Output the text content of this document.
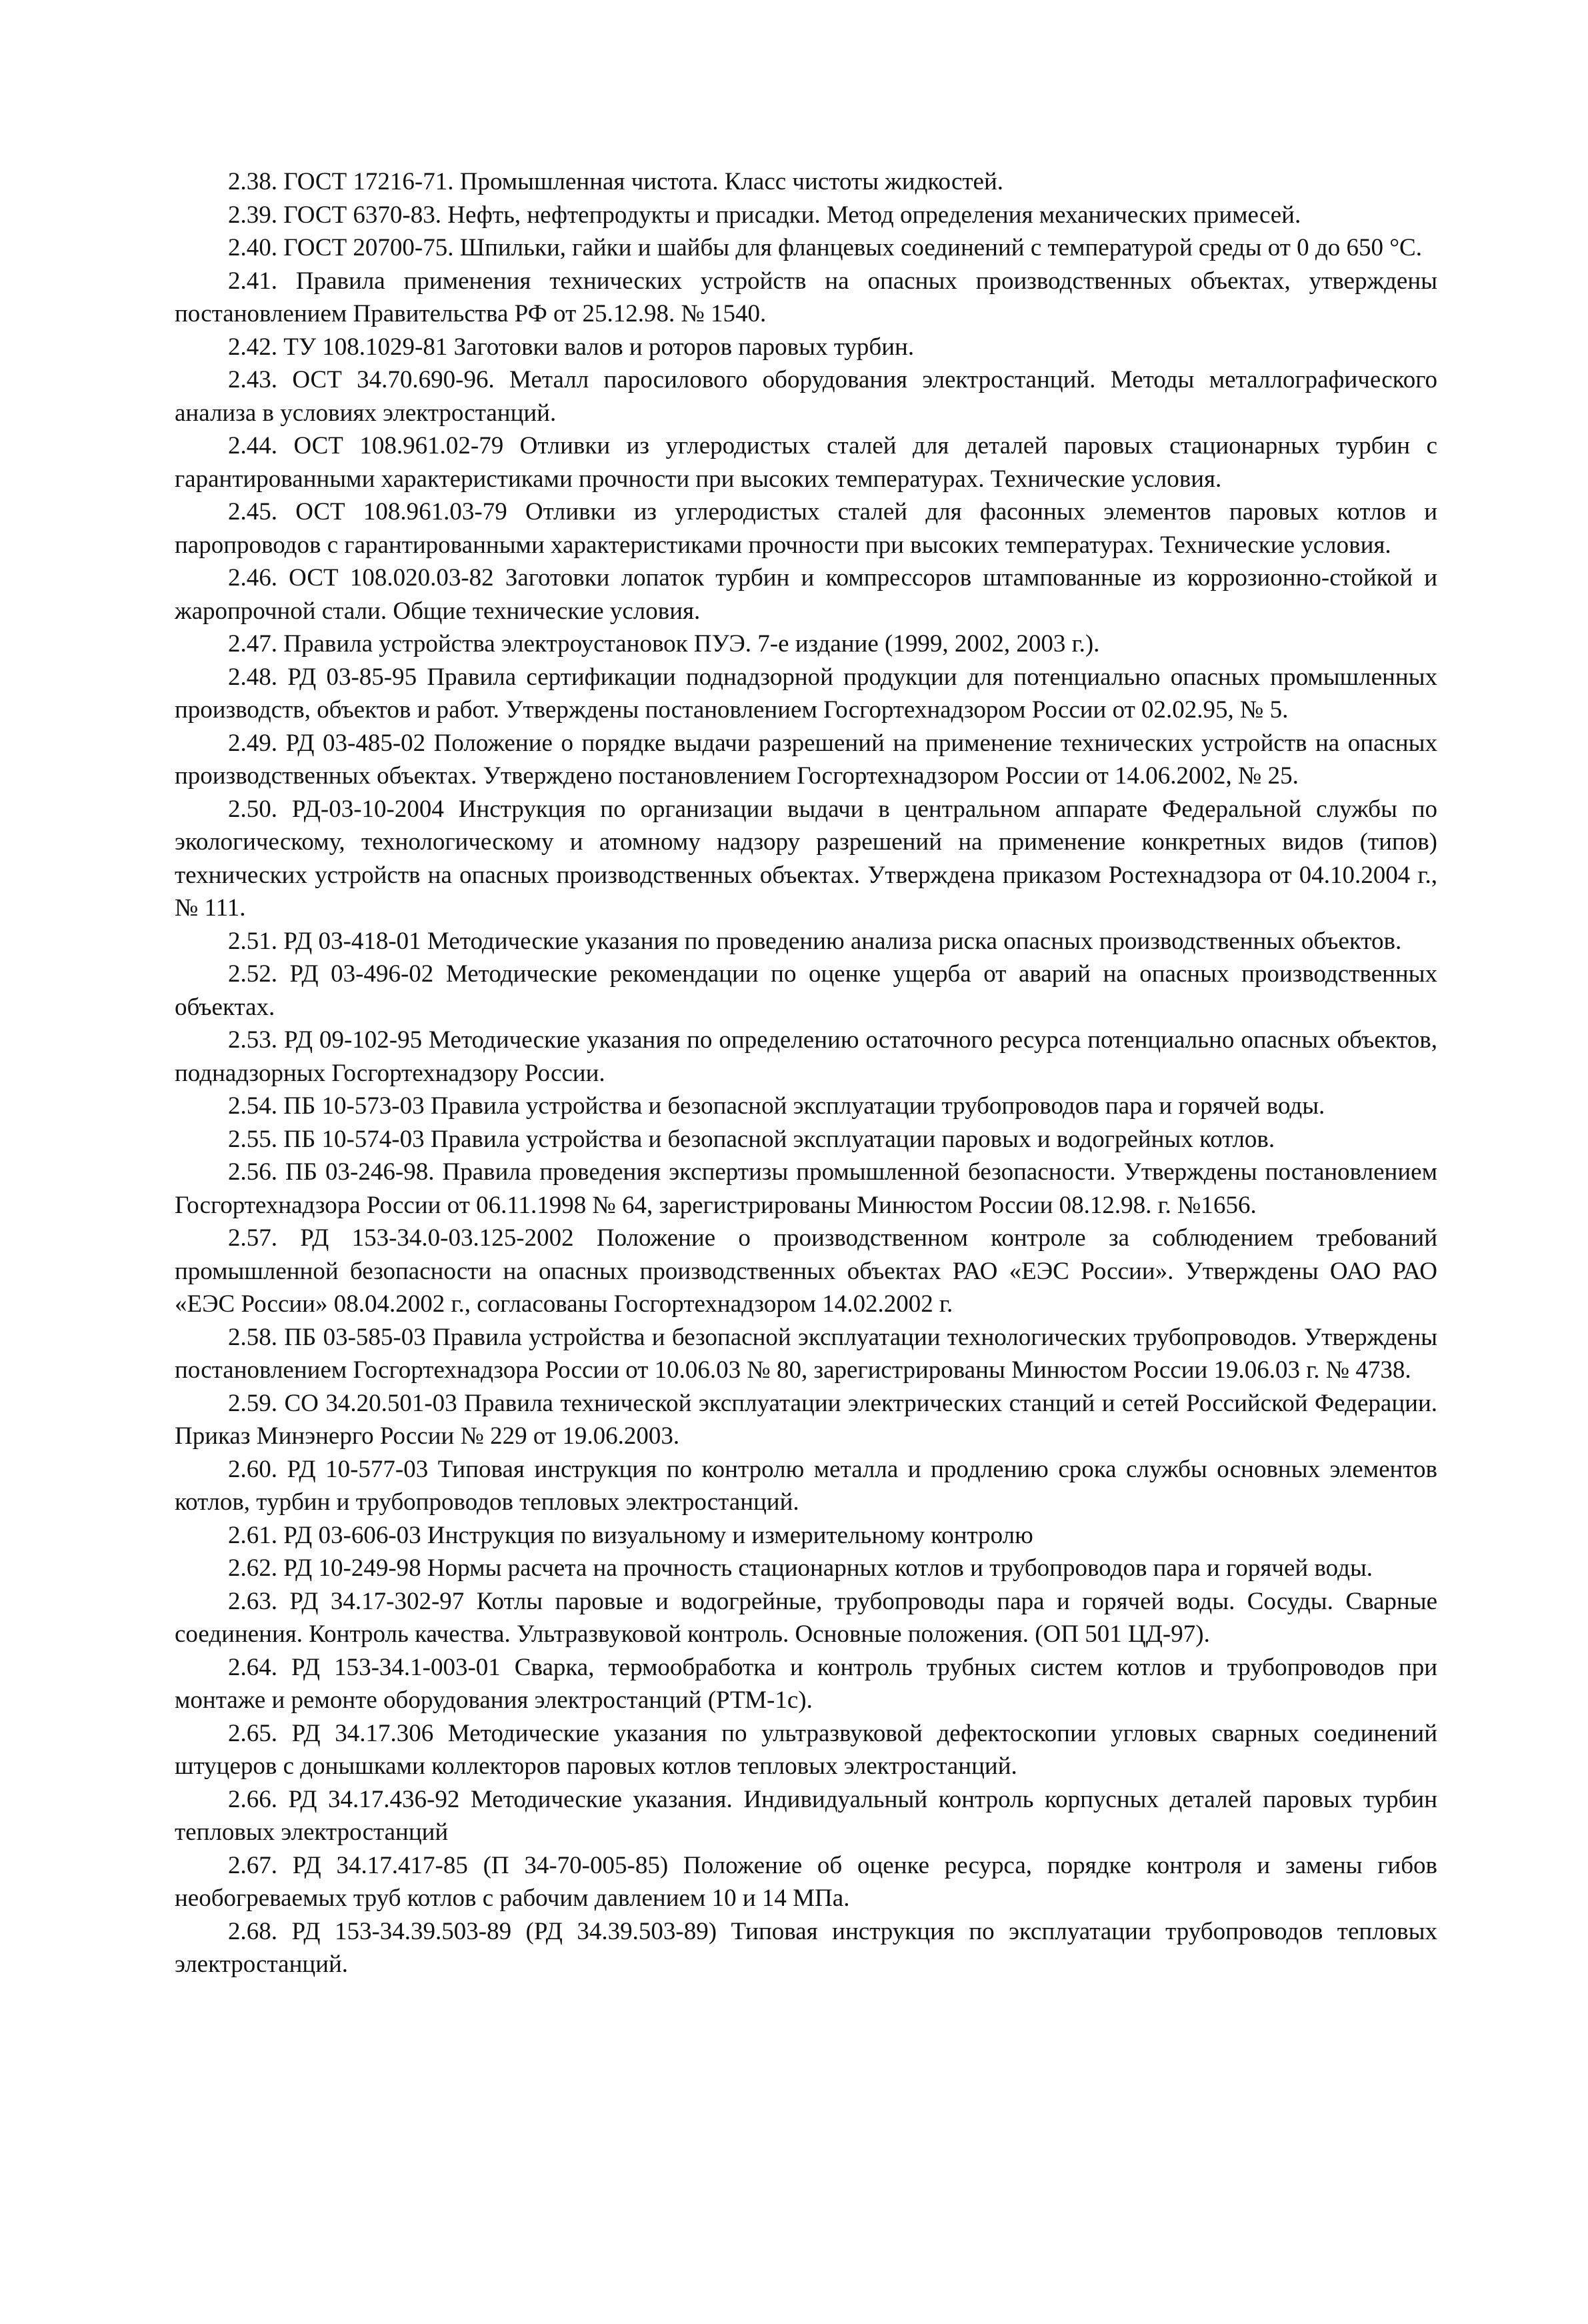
2.38. ГОСТ 17216-71. Промышленная чистота. Класс чистоты жидкостей.

2.39. ГОСТ 6370-83. Нефть, нефтепродукты и присадки. Метод определения механических примесей.

2.40. ГОСТ 20700-75. Шпильки, гайки и шайбы для фланцевых соединений с температурой среды от 0 до 650 °С.

2.41. Правила применения технических устройств на опасных производственных объектах, утверждены постановлением Правительства РФ от 25.12.98. № 1540.

2.42. ТУ 108.1029-81 Заготовки валов и роторов паровых турбин.

2.43. ОСТ 34.70.690-96. Металл паросилового оборудования электростанций. Методы металлографического анализа в условиях электростанций.

2.44. ОСТ 108.961.02-79 Отливки из углеродистых сталей для деталей паровых стационарных турбин с гарантированными характеристиками прочности при высоких температурах. Технические условия.

2.45. ОСТ 108.961.03-79 Отливки из углеродистых сталей для фасонных элементов паровых котлов и паропроводов с гарантированными характеристиками прочности при высоких температурах. Технические условия.

2.46. ОСТ 108.020.03-82 Заготовки лопаток турбин и компрессоров штампованные из коррозионно-стойкой и жаропрочной стали. Общие технические условия.

2.47. Правила устройства электроустановок ПУЭ. 7-е издание (1999, 2002, 2003 г.).

2.48. РД 03-85-95 Правила сертификации поднадзорной продукции для потенциально опасных промышленных производств, объектов и работ. Утверждены постановлением Госгортехнадзором России от 02.02.95, № 5.

2.49. РД 03-485-02 Положение о порядке выдачи разрешений на применение технических устройств на опасных производственных объектах. Утверждено постановлением Госгортехнадзором России от 14.06.2002, № 25.

2.50. РД-03-10-2004 Инструкция по организации выдачи в центральном аппарате Федеральной службы по экологическому, технологическому и атомному надзору разрешений на применение конкретных видов (типов) технических устройств на опасных производственных объектах. Утверждена приказом Ростехнадзора от 04.10.2004 г., № 111.

2.51. РД 03-418-01 Методические указания по проведению анализа риска опасных производственных объектов.

2.52. РД 03-496-02 Методические рекомендации по оценке ущерба от аварий на опасных производственных объектах.

2.53. РД 09-102-95 Методические указания по определению остаточного ресурса потенциально опасных объектов, поднадзорных Госгортехнадзору России.

2.54. ПБ 10-573-03 Правила устройства и безопасной эксплуатации трубопроводов пара и горячей воды.

2.55. ПБ 10-574-03 Правила устройства и безопасной эксплуатации паровых и водогрейных котлов.

2.56. ПБ 03-246-98. Правила проведения экспертизы промышленной безопасности. Утверждены постановлением Госгортехнадзора России от 06.11.1998 № 64, зарегистрированы Минюстом России 08.12.98. г. №1656.

2.57. РД 153-34.0-03.125-2002 Положение о производственном контроле за соблюдением требований промышленной безопасности на опасных производственных объектах РАО «ЕЭС России». Утверждены ОАО РАО «ЕЭС России» 08.04.2002 г., согласованы Госгортехнадзором 14.02.2002 г.

2.58. ПБ 03-585-03 Правила устройства и безопасной эксплуатации технологических трубопроводов. Утверждены постановлением Госгортехнадзора России от 10.06.03 № 80, зарегистрированы Минюстом России 19.06.03 г. № 4738.

2.59. СО 34.20.501-03 Правила технической эксплуатации электрических станций и сетей Российской Федерации. Приказ Минэнерго России № 229 от 19.06.2003.

2.60. РД 10-577-03 Типовая инструкция по контролю металла и продлению срока службы основных элементов котлов, турбин и трубопроводов тепловых электростанций.

2.61. РД 03-606-03 Инструкция по визуальному и измерительному контролю

2.62. РД 10-249-98 Нормы расчета на прочность стационарных котлов и трубопроводов пара и горячей воды.

2.63. РД 34.17-302-97 Котлы паровые и водогрейные, трубопроводы пара и горячей воды. Сосуды. Сварные соединения. Контроль качества. Ультразвуковой контроль. Основные положения. (ОП 501 ЦД-97).

2.64. РД 153-34.1-003-01 Сварка, термообработка и контроль трубных систем котлов и трубопроводов при монтаже и ремонте оборудования электростанций (РТМ-1с).

2.65. РД 34.17.306 Методические указания по ультразвуковой дефектоскопии угловых сварных соединений штуцеров с донышками коллекторов паровых котлов тепловых электростанций.

2.66. РД 34.17.436-92 Методические указания. Индивидуальный контроль корпусных деталей паровых турбин тепловых электростанций

2.67. РД 34.17.417-85 (П 34-70-005-85) Положение об оценке ресурса, порядке контроля и замены гибов необогреваемых труб котлов с рабочим давлением 10 и 14 МПа.

2.68. РД 153-34.39.503-89 (РД 34.39.503-89) Типовая инструкция по эксплуатации трубопроводов тепловых электростанций.
